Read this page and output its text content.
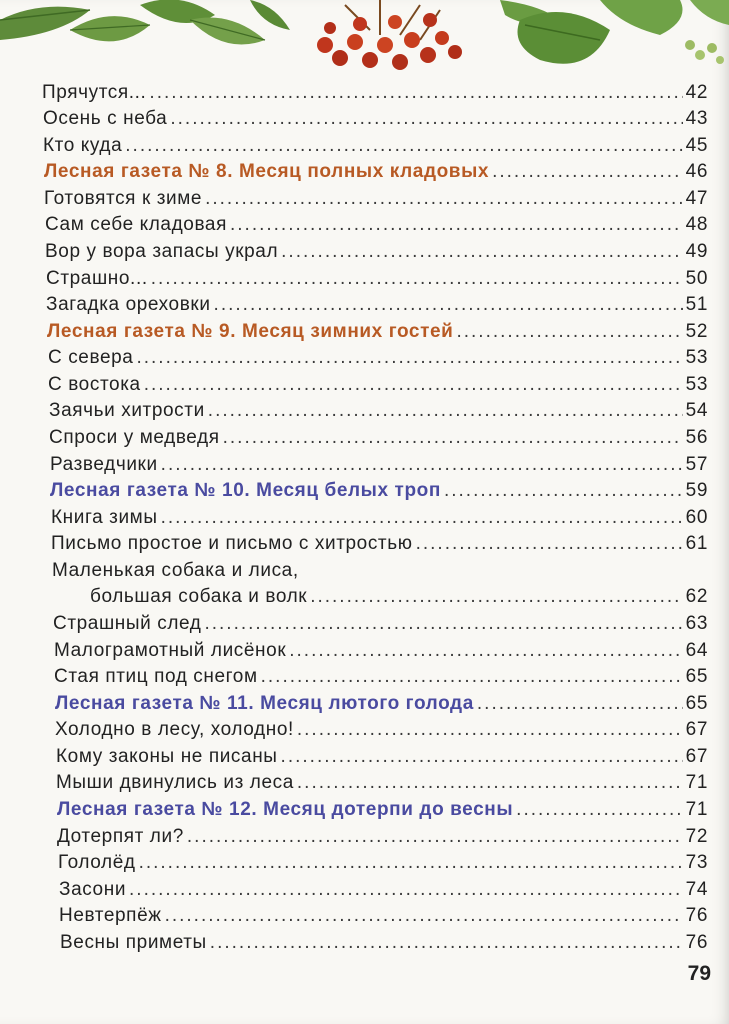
Прячутся... .....	42
Осень с неба .....	43
Кто куда .....	45
Лесная газета № 8. Месяц полных кладовых .....	46
Готовятся к зиме .....	47
Сам себе кладовая .....	48
Вор у вора запасы украл .....	49
Страшно... .....	50
Загадка ореховки .....	51
Лесная газета № 9. Месяц зимних гостей .....	52
С севера .....	53
С востока .....	53
Заячьи хитрости .....	54
Спроси у медведя .....	56
Разведчики .....	57
Лесная газета № 10. Месяц белых троп .....	59
Книга зимы .....	60
Письмо простое и письмо с хитростью .....	61
Маленькая собака и лиса,
большая собака и волк .....	62
Страшный след .....	63
Малограмотный лисёнок .....	64
Стая птиц под снегом .....	65
Лесная газета № 11. Месяц лютого голода .....	65
Холодно в лесу, холодно! .....	67
Кому законы не писаны .....	67
Мыши двинулись из леса .....	71
Лесная газета № 12. Месяц дотерпи до весны .....	71
Дотерпят ли? .....	72
Гололёд .....	73
Засони .....	74
Невтерпёж .....	76
Весны приметы .....	76
79
